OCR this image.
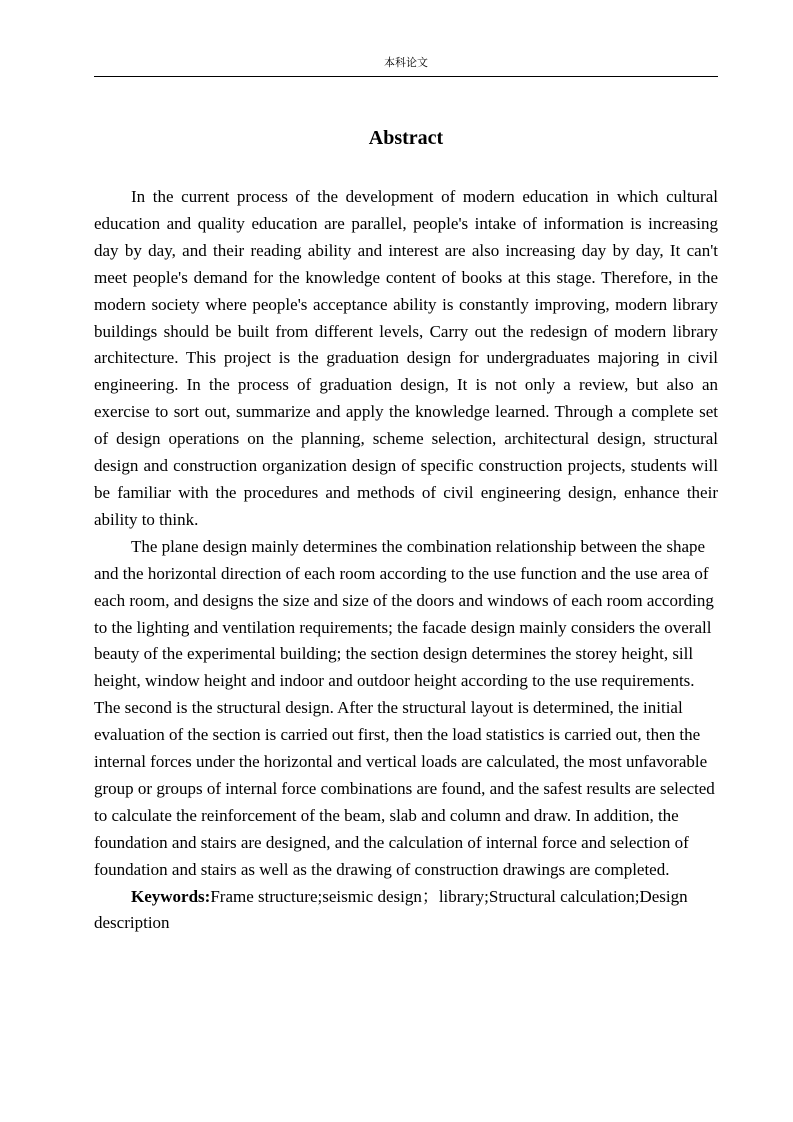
本科论文
Abstract

In the current process of the development of modern education in which cultural education and quality education are parallel, people's intake of information is increasing day by day, and their reading ability and interest are also increasing day by day, It can't meet people's demand for the knowledge content of books at this stage. Therefore, in the modern society where people's acceptance ability is constantly improving, modern library buildings should be built from different levels, Carry out the redesign of modern library architecture. This project is the graduation design for undergraduates majoring in civil engineering. In the process of graduation design, It is not only a review, but also an exercise to sort out, summarize and apply the knowledge learned. Through a complete set of design operations on the planning, scheme selection, architectural design, structural design and construction organization design of specific construction projects, students will be familiar with the procedures and methods of civil engineering design, enhance their ability to think.

The plane design mainly determines the combination relationship between the shape and the horizontal direction of each room according to the use function and the use area of each room, and designs the size and size of the doors and windows of each room according to the lighting and ventilation requirements; the facade design mainly considers the overall beauty of the experimental building; the section design determines the storey height, sill height, window height and indoor and outdoor height according to the use requirements. The second is the structural design. After the structural layout is determined, the initial evaluation of the section is carried out first, then the load statistics is carried out, then the internal forces under the horizontal and vertical loads are calculated, the most unfavorable group or groups of internal force combinations are found, and the safest results are selected to calculate the reinforcement of the beam, slab and column and draw. In addition, the foundation and stairs are designed, and the calculation of internal force and selection of foundation and stairs as well as the drawing of construction drawings are completed.

Keywords:Frame structure;seismic design；library;Structural calculation;Design description
